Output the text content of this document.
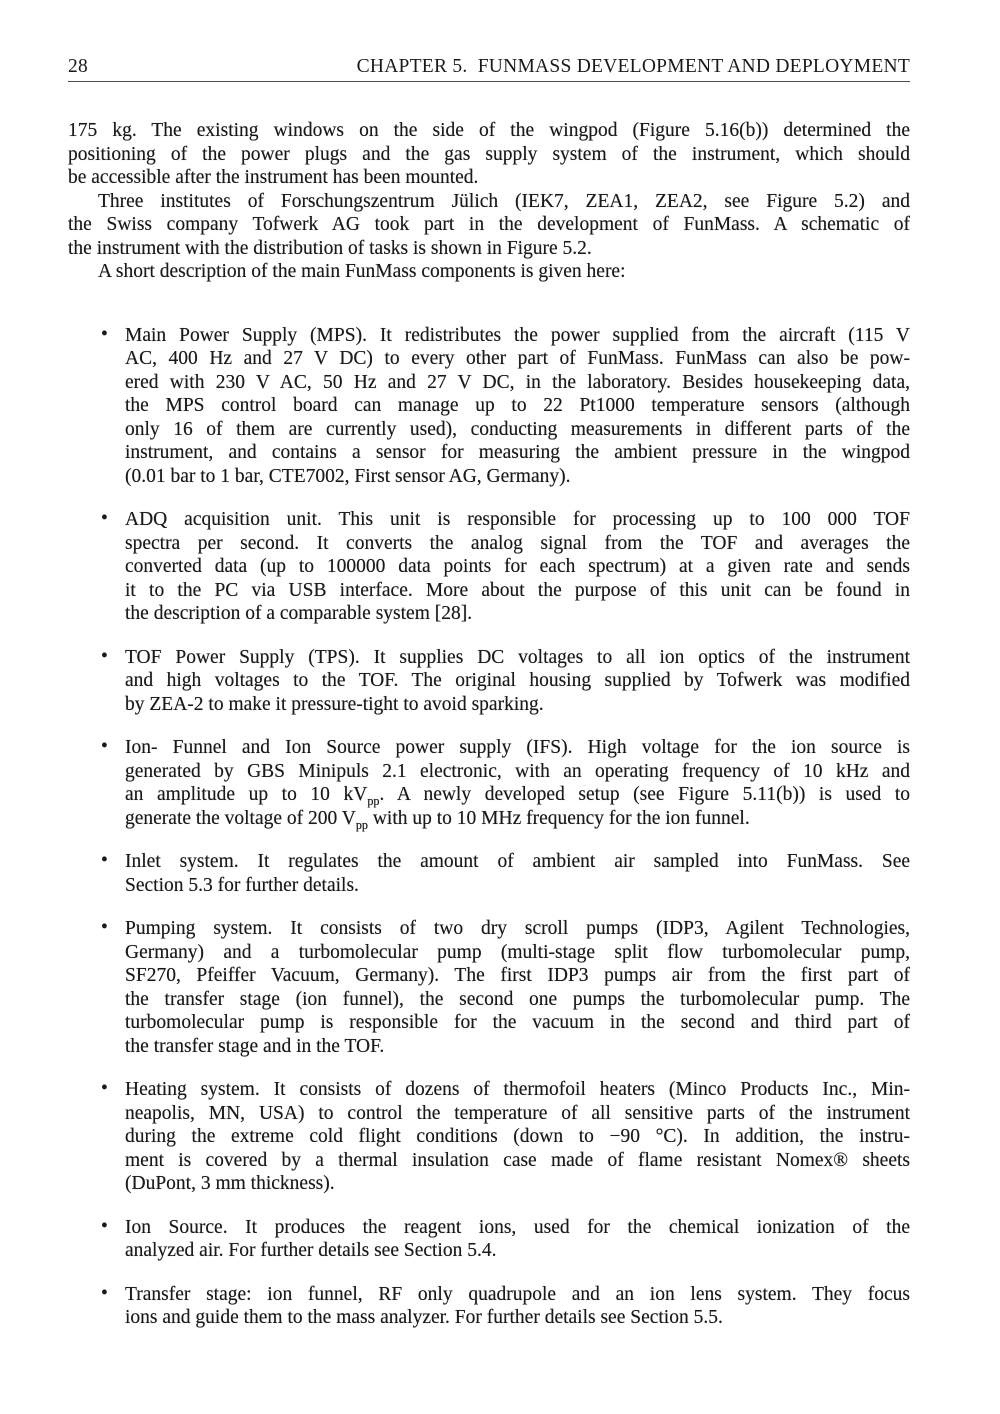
28	CHAPTER 5.  FUNMASS DEVELOPMENT AND DEPLOYMENT
175 kg. The existing windows on the side of the wingpod (Figure 5.16(b)) determined the
positioning of the power plugs and the gas supply system of the instrument, which should
be accessible after the instrument has been mounted.
Three institutes of Forschungszentrum Jülich (IEK7, ZEA1, ZEA2, see Figure 5.2) and
the Swiss company Tofwerk AG took part in the development of FunMass. A schematic of
the instrument with the distribution of tasks is shown in Figure 5.2.
A short description of the main FunMass components is given here:
• Main Power Supply (MPS). It redistributes the power supplied from the aircraft (115 V
AC, 400 Hz and 27 V DC) to every other part of FunMass. FunMass can also be pow-
ered with 230 V AC, 50 Hz and 27 V DC, in the laboratory. Besides housekeeping data,
the MPS control board can manage up to 22 Pt1000 temperature sensors (although
only 16 of them are currently used), conducting measurements in different parts of the
instrument, and contains a sensor for measuring the ambient pressure in the wingpod
(0.01 bar to 1 bar, CTE7002, First sensor AG, Germany).
• ADQ acquisition unit. This unit is responsible for processing up to 100 000 TOF
spectra per second. It converts the analog signal from the TOF and averages the
converted data (up to 100000 data points for each spectrum) at a given rate and sends
it to the PC via USB interface. More about the purpose of this unit can be found in
the description of a comparable system [28].
• TOF Power Supply (TPS). It supplies DC voltages to all ion optics of the instrument
and high voltages to the TOF. The original housing supplied by Tofwerk was modified
by ZEA-2 to make it pressure-tight to avoid sparking.
• Ion- Funnel and Ion Source power supply (IFS). High voltage for the ion source is
generated by GBS Minipuls 2.1 electronic, with an operating frequency of 10 kHz and
an amplitude up to 10 $kV_{pp}$. A newly developed setup (see Figure 5.11(b)) is used to
generate the voltage of 200 $V_{pp}$ with up to 10 MHz frequency for the ion funnel.
• Inlet system. It regulates the amount of ambient air sampled into FunMass. See
Section 5.3 for further details.
• Pumping system. It consists of two dry scroll pumps (IDP3, Agilent Technologies,
Germany) and a turbomolecular pump (multi-stage split flow turbomolecular pump,
SF270, Pfeiffer Vacuum, Germany). The first IDP3 pumps air from the first part of
the transfer stage (ion funnel), the second one pumps the turbomolecular pump. The
turbomolecular pump is responsible for the vacuum in the second and third part of
the transfer stage and in the TOF.
• Heating system. It consists of dozens of thermofoil heaters (Minco Products Inc., Min-
neapolis, MN, USA) to control the temperature of all sensitive parts of the instrument
during the extreme cold flight conditions (down to −90 °C). In addition, the instru-
ment is covered by a thermal insulation case made of flame resistant Nomex® sheets
(DuPont, 3 mm thickness).
• Ion Source. It produces the reagent ions, used for the chemical ionization of the
analyzed air. For further details see Section 5.4.
• Transfer stage: ion funnel, RF only quadrupole and an ion lens system. They focus
ions and guide them to the mass analyzer. For further details see Section 5.5.
